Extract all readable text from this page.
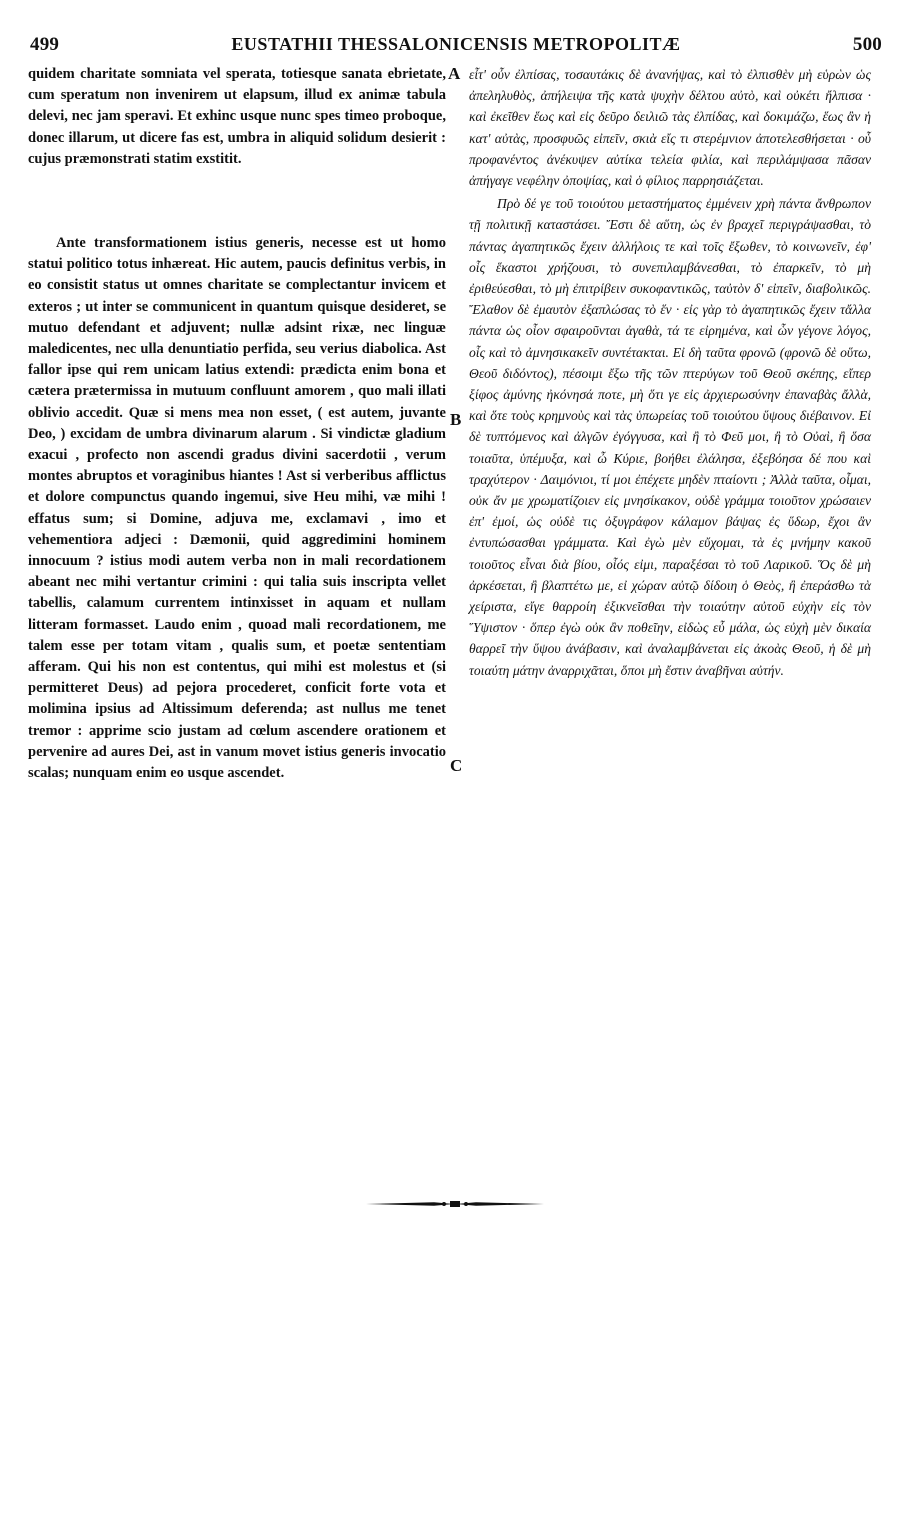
499	EUSTATHII THESSALONICENSIS METROPOLITÆ	500

quidem charitate somniata vel sperata, totiesque sanata ebrietate, cum speratum non invenirem ut elapsum, illud ex animæ tabula delevi, nec jam speravi. Et exhinc usque nunc spes timeo proboque, donec illarum, ut dicere fas est, umbra in aliquid solidum desierit : cujus præmonstrati statim exstitit.

Ante transformationem istius generis, necesse est ut homo statui politico totus inhæreat. Hic autem, paucis definitus verbis, in eo consistit status ut omnes charitate se complectantur invicem et exteros ; ut inter se communicent in quantum quisque desideret, se mutuo defendant et adjuvent; nullæ adsint rixæ, nec linguæ maledicentes, nec ulla denuntiatio perfida, seu verius diabolica. Ast fallor ipse qui rem unicam latius extendi: prædicta enim bona et cætera prætermissa in mutuum confluunt amorem , quo mali illati oblivio accedit. Quæ si mens mea non esset, ( est autem, juvante Deo, ) excidam de umbra divinarum alarum . Si vindictæ gladium exacui , profecto non ascendi gradus divini sacerdotii , verum montes abruptos et voraginibus hiantes ! Ast si verberibus afflictus et dolore compunctus quando ingemui, sive Heu mihi, væ mihi ! effatus sum; si Domine, adjuva me, exclamavi , imo et vehementiora adjeci : Dæmonii, quid aggredimini hominem innocuum ? istius modi autem verba non in mali recordationem abeant nec mihi vertantur crimini : qui talia suis inscripta vellet tabellis, calamum currentem intinxisset in aquam et nullam litteram formasset. Laudo enim , quoad mali recordationem, me talem esse per totam vitam , qualis sum, et poetæ sententiam afferam. Qui his non est contentus, qui mihi est molestus et (si permitteret Deus) ad pejora procederet, conficit forte vota et molimina ipsius ad Altissimum deferenda; ast nullus me tenet tremor : apprime scio justam ad cœlum ascendere orationem et pervenire ad aures Dei, ast in vanum movet istius generis invocatio scalas; nunquam enim eo usque ascendet.

A
B
C

εἶτ' οὖν ἐλπίσας, τοσαυτάκις δὲ ἀνανήψας, καὶ τὸ ἐλπισθὲν μὴ εὑρὼν ὡς ἀπεληλυθὸς, ἀπήλειψα τῆς κατὰ ψυχὴν δέλτου αὐτὸ, καὶ οὐκέτι ἤλπισα · καὶ ἐκεῖθεν ἕως καὶ εἰς δεῦρο δειλιῶ τὰς ἐλπίδας, καὶ δοκιμάζω, ἕως ἂν ἡ κατ' αὐτὰς, προσφυῶς εἰπεῖν, σκιὰ εἴς τι στερέμνιον ἀποτελεσθήσεται · οὗ προφανέντος ἀνέκυψεν αὐτίκα τελεία φιλία, καὶ περιλάμψασα πᾶσαν ἀπήγαγε νεφέλην ὀποψίας, καὶ ὁ φίλιος παρρησιάζεται.

Πρὸ δέ γε τοῦ τοιούτου μεταστήματος ἐμμένειν χρὴ πάντα ἄνθρωπον τῇ πολιτικῇ καταστάσει. Ἔστι δὲ αὕτη, ὡς ἐν βραχεῖ περιγράψασθαι, τὸ πάντας ἀγαπητικῶς ἔχειν ἀλλήλοις τε καὶ τοῖς ἔξωθεν, τὸ κοινωνεῖν, ἐφ' οἷς ἕκαστοι χρήζουσι, τὸ συνεπιλαμβάνεσθαι, τὸ ἐπαρκεῖν, τὸ μὴ ἐριθεύεσθαι, τὸ μὴ ἐπιτρίβειν συκοφαντικῶς, ταὐτὸν δ' εἰπεῖν, διαβολικῶς. Ἔλαθον δὲ ἐμαυτὸν ἐξαπλώσας τὸ ἕν · εἰς γὰρ τὸ ἀγαπητικῶς ἔχειν τἄλλα πάντα ὡς οἷον σφαιροῦνται ἀγαθὰ, τά τε εἰρημένα, καὶ ὧν γέγονε λόγος, οἷς καὶ τὸ ἀμνησικακεῖν συντέτακται. Εἰ δὴ ταῦτα φρονῶ (φρονῶ δὲ οὕτω, Θεοῦ διδόντος), πέσοιμι ἔξω τῆς τῶν πτερύγων τοῦ Θεοῦ σκέπης, εἴπερ ξίφος ἀμύνης ἠκόνησά ποτε, μὴ ὅτι γε εἰς ἀρχιερωσύνην ἐπαναβὰς ἄλλὰ, καὶ ὅτε τοὺς κρημνοὺς καὶ τὰς ὑπωρείας τοῦ τοιούτου ὕψους διέβαινον. Εἰ δὲ τυπτόμενος καὶ ἀλγῶν ἐγόγγυσα, καὶ ἢ τὸ Φεῦ μοι, ἢ τὸ Οὐαὶ, ἢ ὅσα τοιαῦτα, ὑπέμυξα, καὶ ὦ Κύριε, βοήθει ἐλάλησα, ἐξεβόησα δέ που καὶ τραχύτερον · Δαιμόνιοι, τί μοι ἐπέχετε μηδὲν πταίοντι ; Ἀλλὰ ταῦτα, οἶμαι, οὐκ ἄν με χρωματίζοιεν εἰς μνησίκακον, οὐδὲ γράμμα τοιοῦτον χρώσαιεν ἐπ' ἐμοί, ὡς οὐδὲ τις ὀξυγράφον κάλαμον βάψας ἐς ὕδωρ, ἔχοι ἂν ἐντυπώσασθαι γράμματα. Καὶ ἐγὼ μὲν εὔχομαι, τὰ ἐς μνήμην κακοῦ τοιοῦτος εἶναι διὰ βίου, οἷός εἰμι, παραξέσαι τὸ τοῦ Λαρικοῦ. Ὅς δὲ μὴ ἀρκέσεται, ἢ βλαπτέτω με, εἰ χώραν αὐτῷ δίδοιη ὁ Θεὸς, ἢ ἐπεράσθω τὰ χείριστα, εἴγε θαρροίη ἐξικνεῖσθαι τὴν τοιαύτην αὐτοῦ εὐχὴν εἰς τὸν Ὕψιστον · ὅπερ ἐγὼ οὐκ ἂν ποθεῖην, εἰδὼς εὖ μάλα, ὡς εὐχὴ μὲν δικαία θαρρεῖ τὴν ὕψου ἀνάβασιν, καὶ ἀναλαμβάνεται εἰς ἀκοὰς Θεοῦ, ἡ δὲ μὴ τοιαύτη μάτην ἀναρριχᾶται, ὅποι μὴ ἔστιν ἀναβῆναι αὐτήν.
